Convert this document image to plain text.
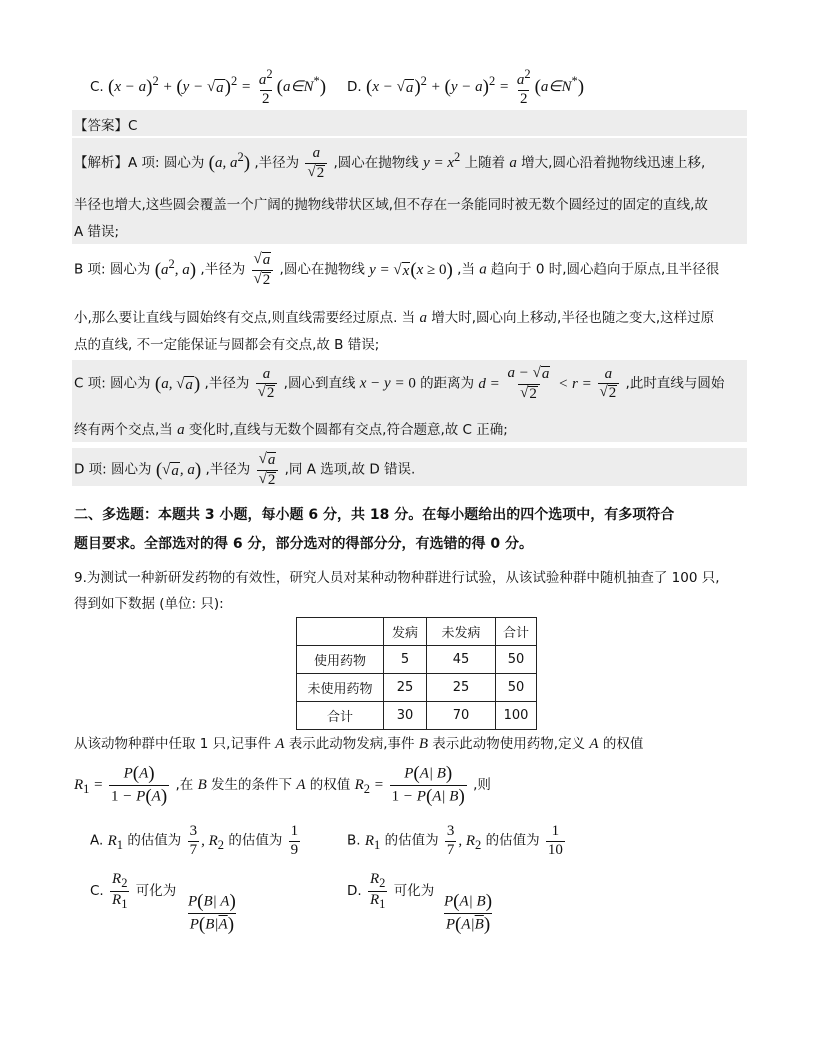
C. $(x - a)^2 + (y$ − √ a )$^2 = \frac{a^2}{2}$ (a∈N*) D. (x − √ a )$^2 + (y - a)^2 = \frac{a^2}{2}$ (a∈N*)
【答案】C
【解析】A 项: 圆心为 (a, $a^2$) ,半径为 $\frac{a}{√ 2}$ ,圆心在抛物线 $y = x^2$ 上随着 a 增大,圆心沿着抛物线迅速上移,
半径也增大,这些圆会覆盖一个广阔的抛物线带状区域,但不存在一条能同时被无数个圆经过的固定的直线,故
A 错误;
B 项: 圆心为 ($a^2$, a) ,半径为 $\frac{√ a}{√ 2}$ ,圆心在抛物线 y = √ x (x ≥ 0) ,当 a 趋向于 0 时,圆心趋向于原点,且半径很
小,那么要让直线与圆始终有交点,则直线需要经过原点. 当 a 增大时,圆心向上移动,半径也随之变大,这样过原
点的直线, 不一定能保证与圆都会有交点,故 B 错误;
C 项: 圆心为 (a, √ a ) ,半径为 $\frac{a}{√ 2}$ ,圆心到直线 x − y = 0 的距离为 $d = \frac{a - √ a}{√ 2} < r = \frac{a}{√ 2}$ ,此时直线与圆始
终有两个交点,当 a 变化时,直线与无数个圆都有交点,符合题意,故 C 正确;
D 项: 圆心为 ( √ a , a) ,半径为 $\frac{√ a}{√ 2}$ ,同 A 选项,故 D 错误.
二、多选题：本题共 3 小题，每小题 6 分，共 18 分。在每小题给出的四个选项中，有多项符合
题目要求。全部选对的得 6 分，部分选对的得部分分，有选错的得 0 分。
9.为测试一种新研发药物的有效性，研究人员对某种动物种群进行试验，从该试验种群中随机抽查了 100 只,
得到如下数据 (单位: 只):
	发病	未发病	合计
使用药物	5	45	50
未使用药物	25	25	50
合计	30	70	100
从该动物种群中任取 1 只,记事件 A 表示此动物发病,事件 B 表示此动物使用药物,定义 A 的权值
$R_1 = \frac{P(A)}{1 - P(A)}$ ,在 B 发生的条件下 A 的权值 $R_2 = \frac{P(A| B)}{1 - P(A| B)}$ ,则
A. $R_1$ 的估值为 $\frac{3}{7}$ , $R_2$ 的估值为 $\frac{1}{9}$	B. $R_1$ 的估值为 $\frac{3}{7}$ , $R_2$ 的估值为 $\frac{1}{10}$
C. $\frac{R_2}{R_1}$ 可化为
$\frac{P(B| A)}{P(B|\overline{A})}$
D. $\frac{R_2}{R_1}$ 可化为
$\frac{P(A| B)}{P(A|\overline{B})}$
